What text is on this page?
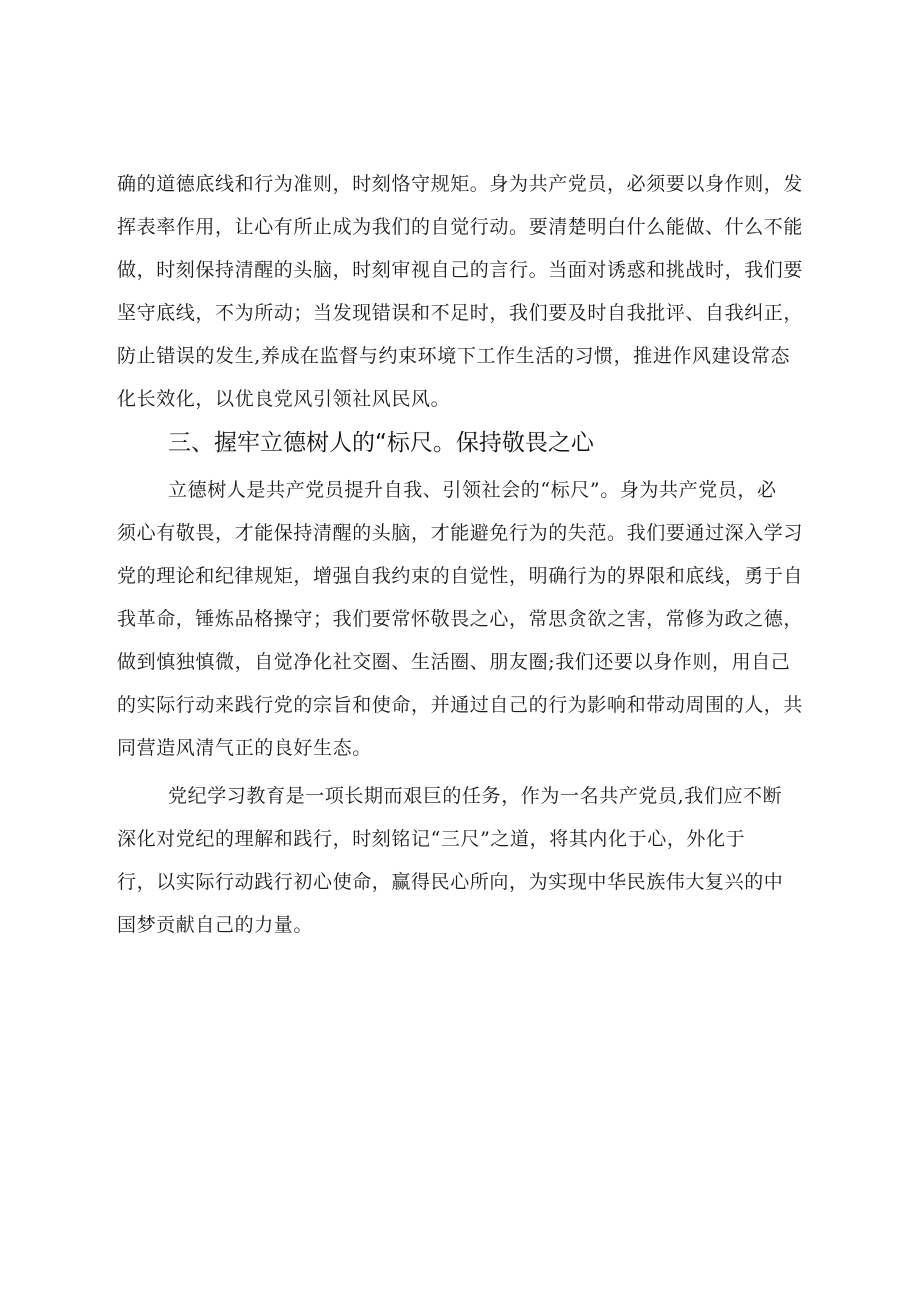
确的道德底线和行为准则，时刻恪守规矩。身为共产党员，必须要以身作则，发
挥表率作用，让心有所止成为我们的自觉行动。要清楚明白什么能做、什么不能
做，时刻保持清醒的头脑，时刻审视自己的言行。当面对诱惑和挑战时，我们要
坚守底线，不为所动；当发现错误和不足时，我们要及时自我批评、自我纠正，
防止错误的发生,养成在监督与约束环境下工作生活的习惯，推进作风建设常态
化长效化，以优良党风引领社风民风。
三、握牢立德树人的“标尺。保持敬畏之心
立德树人是共产党员提升自我、引领社会的“标尺”。身为共产党员，必
须心有敬畏，才能保持清醒的头脑，才能避免行为的失范。我们要通过深入学习
党的理论和纪律规矩，增强自我约束的自觉性，明确行为的界限和底线，勇于自
我革命，锤炼品格操守；我们要常怀敬畏之心，常思贪欲之害，常修为政之德，
做到慎独慎微，自觉净化社交圈、生活圈、朋友圈;我们还要以身作则，用自己
的实际行动来践行党的宗旨和使命，并通过自己的行为影响和带动周围的人，共
同营造风清气正的良好生态。
党纪学习教育是一项长期而艰巨的任务，作为一名共产党员,我们应不断
深化对党纪的理解和践行，时刻铭记“三尺”之道，将其内化于心，外化于
行，以实际行动践行初心使命，赢得民心所向，为实现中华民族伟大复兴的中
国梦贡献自己的力量。
